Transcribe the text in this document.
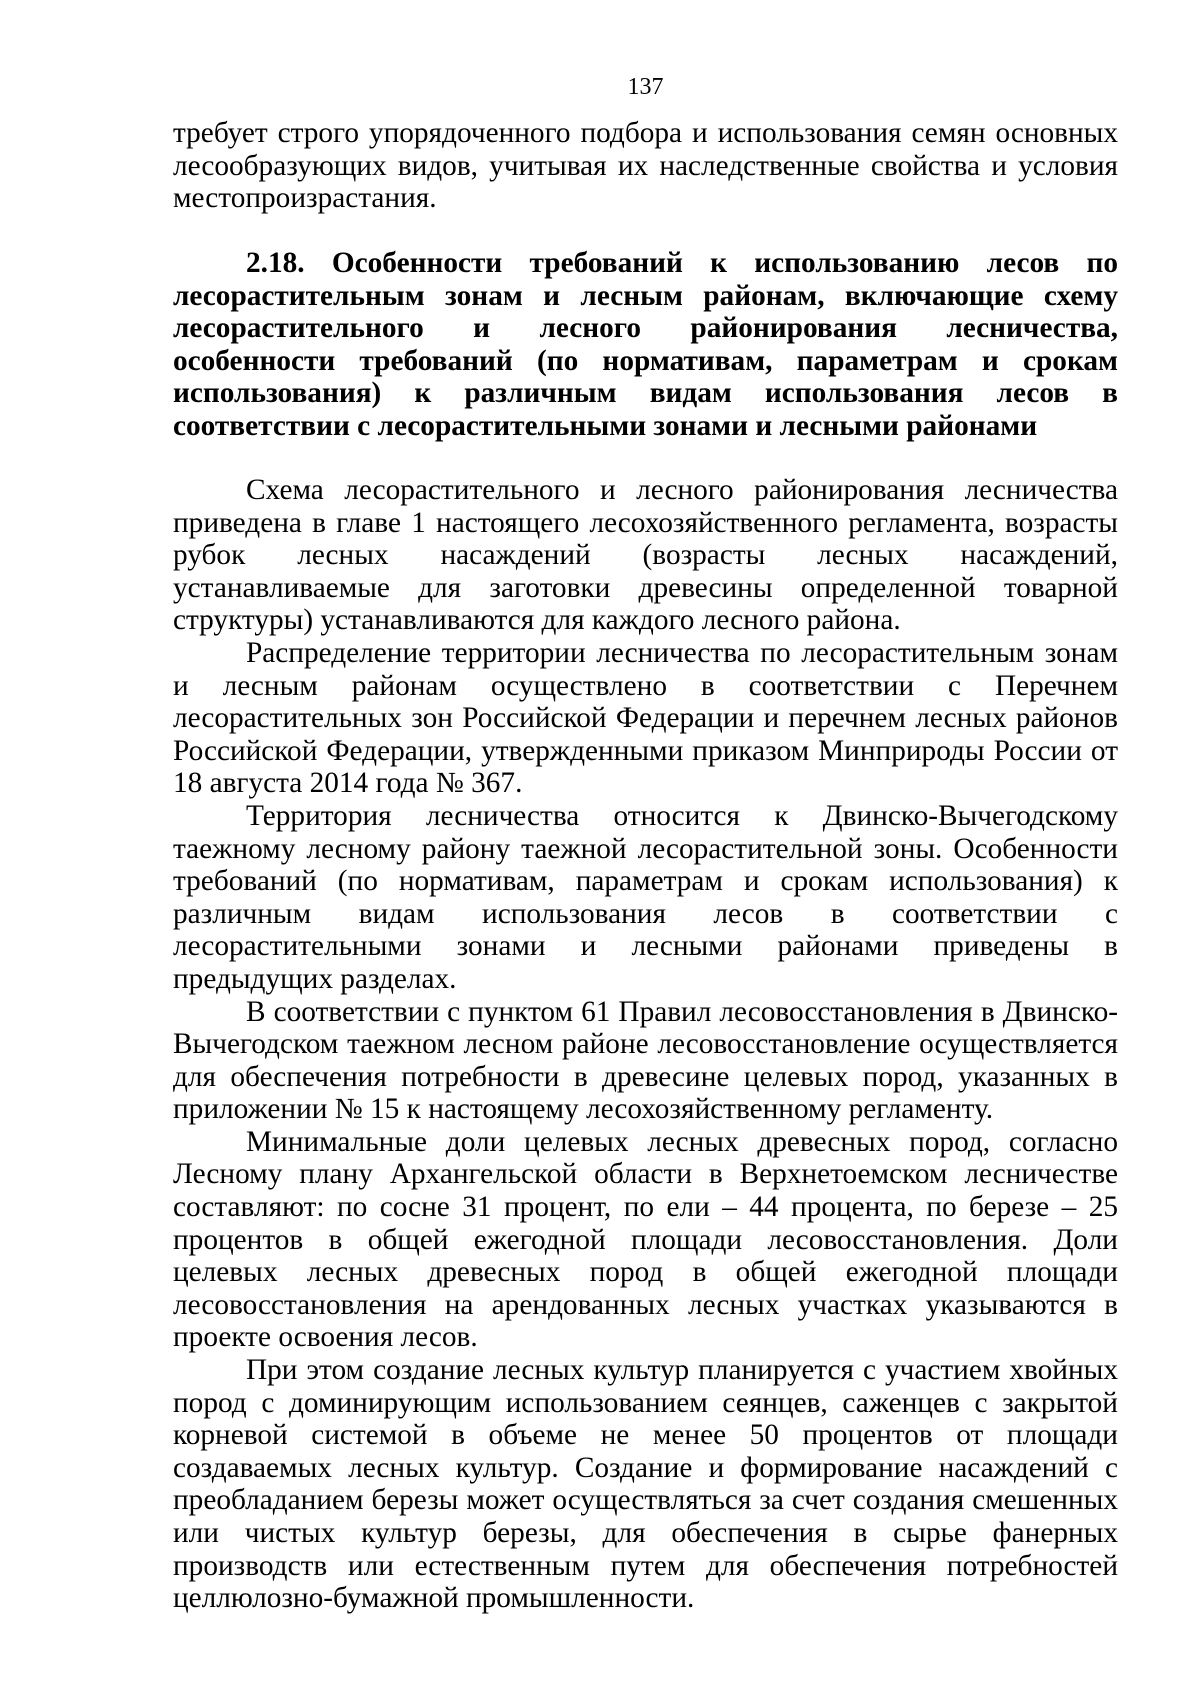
137

требует строго упорядоченного подбора и использования семян основных лесообразующих видов, учитывая их наследственные свойства и условия местопроизрастания.

2.18. Особенности требований к использованию лесов по лесорастительным зонам и лесным районам, включающие схему лесорастительного и лесного районирования лесничества, особенности требований (по нормативам, параметрам и срокам использования) к различным видам использования лесов в соответствии с лесорастительными зонами и лесными районами

Схема лесорастительного и лесного районирования лесничества приведена в главе 1 настоящего лесохозяйственного регламента, возрасты рубок лесных насаждений (возрасты лесных насаждений, устанавливаемые для заготовки древесины определенной товарной структуры) устанавливаются для каждого лесного района.

Распределение территории лесничества по лесорастительным зонам и лесным районам осуществлено в соответствии с Перечнем лесорастительных зон Российской Федерации и перечнем лесных районов Российской Федерации, утвержденными приказом Минприроды России от 18 августа 2014 года № 367.

Территория лесничества относится к Двинско-Вычегодскому таежному лесному району таежной лесорастительной зоны. Особенности требований (по нормативам, параметрам и срокам использования) к различным видам использования лесов в соответствии с лесорастительными зонами и лесными районами приведены в предыдущих разделах.

В соответствии с пунктом 61 Правил лесовосстановления в Двинско-Вычегодском таежном лесном районе лесовосстановление осуществляется для обеспечения потребности в древесине целевых пород, указанных в приложении № 15 к настоящему лесохозяйственному регламенту.

Минимальные доли целевых лесных древесных пород, согласно Лесному плану Архангельской области в Верхнетоемском лесничестве составляют: по сосне 31 процент, по ели – 44 процента, по березе – 25 процентов в общей ежегодной площади лесовосстановления. Доли целевых лесных древесных пород в общей ежегодной площади лесовосстановления на арендованных лесных участках указываются в проекте освоения лесов.

При этом создание лесных культур планируется с участием хвойных пород с доминирующим использованием сеянцев, саженцев с закрытой корневой системой в объеме не менее 50 процентов от площади создаваемых лесных культур. Создание и формирование насаждений с преобладанием березы может осуществляться за счет создания смешенных или чистых культур березы, для обеспечения в сырье фанерных производств или естественным путем для обеспечения потребностей целлюлозно-бумажной промышленности.
